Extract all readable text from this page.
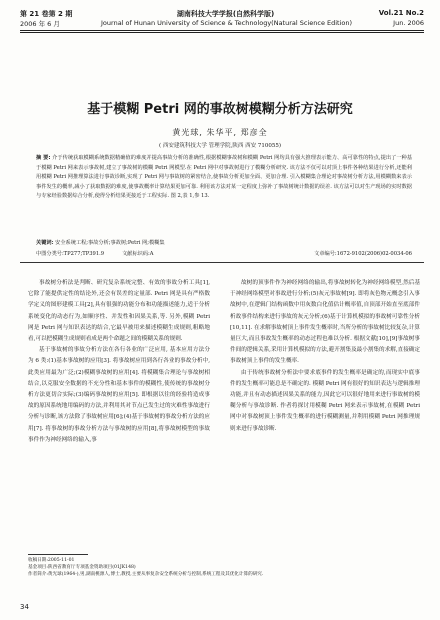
第 21 卷第 2 期	湖南科技大学学报(自然科学版)	Vol.21 No.2
2006 年 6 月	Journal of Hunan University of Science & Technology(Natural Science Edition)	Jun. 2006
基于模糊 Petri 网的事故树模糊分析方法研究
黄光球, 朱华平, 郑彦全
( 西安建筑科技大学 管理学院,陕西 西安 710055)
摘 要: 介于传统获取模糊系统数据精确值的难度并提高事故分析的准确性,根据模糊事故树和模糊 Petri 网均具有强大推理表示能力、高可靠性的特点,提出了一种基于模糊 Petri 网来表示事故树,建立了事故树的模糊 Petri 网模型.在 Petri 网中对事故树进行了模糊分析研究. 该方法不仅可以对顶上事件各种结果进行分析,还能利用模糊 Petri 网推理算法进行事故诊断,实现了 Petri 网与事故树的紧密结合,使事故分析更加全面、更加合理. 引入模糊集合理论对事故树分析方法,用模糊数来表示事件发生的概率,减小了获取数据的难度,使事故概率计算结果更加可靠. 利用该方法对某一定程度上弥补了事故树统计数据的误差. 该方法可以对生产现场的实时数据与专家经验数据综合分析,使得分析结果更接近于工程实际. 图 2,表 1,参 13.
关键词: 安全系统工程;事故分析;事故树;Petri 网;模糊集
中图分类号:TP277;TP391.9	文献标识码:A	文章编号:1672-9102(2006)02-0034-06

事故树分析法是判断、研究复杂系统完整、有效的事故分析工具[1],它除了能提供定性的结论外,还会有误差的定量部. Petri 网是具有严格数学定义的图形建模工具[2],具有很强的功能分布和功能描述能力,适于分析系统变化的动态行为,如顺序性、并发性和因果关系,等. 另外,模糊 Petri 网是 Petri 网与知识表达的结合,它最早被用来描述模糊生成规则,粗略地看,可以把模糊生成规则看成是两个命题之间的模糊关系的规则.

基于事故树的事故分析方法在各行各业的广泛应用, 基本应用方法分为 6 类:(1)基本事故树的应用[3]. 将事故树应用到各行各业的事故分析中,此类应用最为广泛;(2)模糊事故树的应用[4]. 将模糊集合理论与事故树相结合,以克服安全数据的不充分性和基本事件的模糊性,使传统的事故树分析方法更切合实际;(3)编码事故树的应用[5]. 即根据以往的经验将造成事故的原因系统地用编码的方法,并利用其对节点已发生过的灾难性事故进行分析与诊断,该方法除了事故树应用[6];(4)基于事故树的事故分析方法的应用[7]. 将事故树的事故分析方法与事故树的应用[8],将事故树模型的事故事件作为神经网络的输入,事

故树的顶事件作为神经网络的输出,将事故树转化为神经网络模型,然后基于神经网络模型对事故进行分析;(5)灰元事故树[9]. 即将灰色物元概念引入事故树中,在逻辑门结构函数中用灰数白化值估计概率值,自顶部开始直至底部件析故事件结构来进行事故的灰元分析;(6)基于计算机模拟的事故树可靠性分析[10,11]. 在求解事故树顶上事件发生概率时,当所分析的事故树比较复杂,计算量巨大,而且事故发生概率的动态过程也难以分析. 根据文献[10],[9]事故树事件间的逻辑关系,采用计算机模拟的方法,避开割集及最小割集的求解,直接确定事故树顶上事件的发生概率.

由于传统事故树分析法中要求底事件的发生概率是确定的,而现实中底事件的发生概率可能总是不确定的. 模糊 Petri 网有很好的知识表达与逻辑推理功能,并且有动态描述因果关系的能力,因此它可以很好地用来进行事故树的模糊分析与事故诊断. 作者将探讨用模糊 Petri 网来表示事故树,在模糊 Petri 网中对事故树顶上事件发生概率的进行模糊测量,并利用模糊 Petri 网推理规则来进行事故诊断.

收稿日期:2005-11-01
基金项目:陕西省教育厅专项基金资助项目(01JK148)
作者简介:黄光球(1964-),男,湖南桃源人,博士,教授,主要从事复杂安全系统分析与控制,系统工程及其优化计算的研究.
34
